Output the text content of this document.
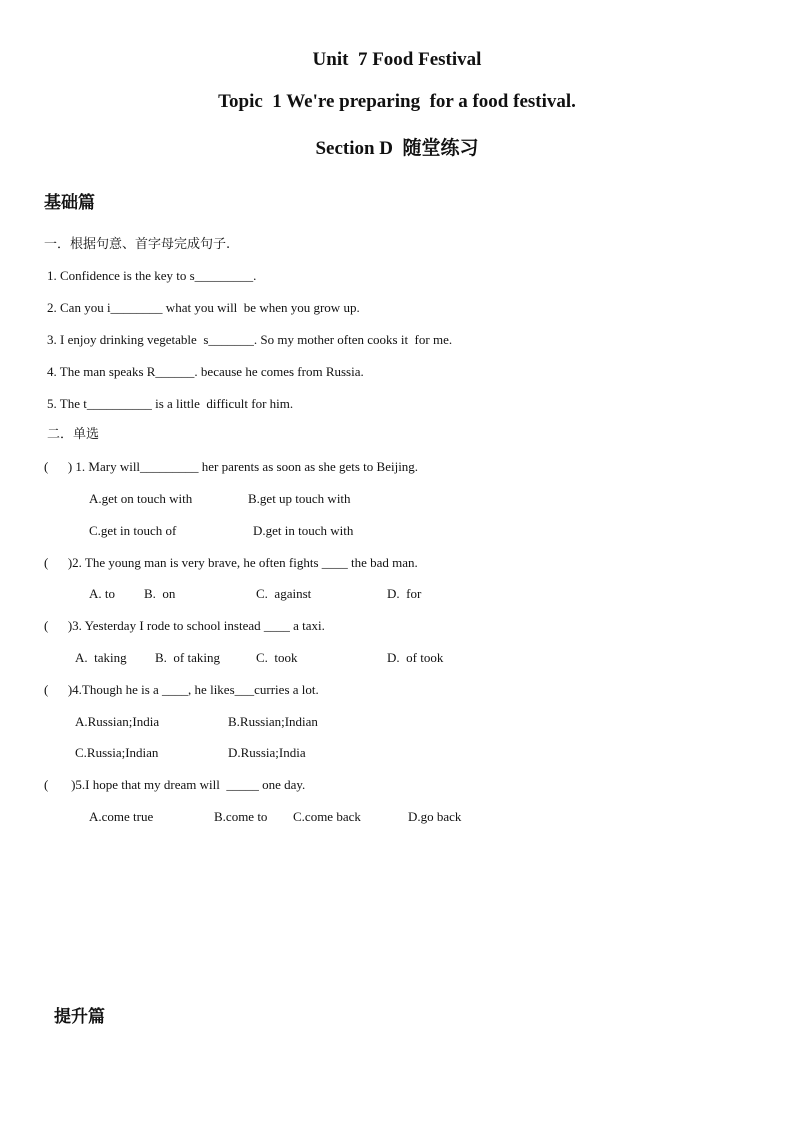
Unit  7 Food Festival
Topic  1 We're preparing  for a food festival.
Section D  随堂练习
基础篇
一．根据句意、首字母完成句子.
1. Confidence is the key to s_________.
2. Can you i________ what you will  be when you grow up.
3. I enjoy drinking vegetable  s_______. So my mother often cooks it  for me.
4. The man speaks R______. because he comes from Russia.
5. The t__________ is a little  difficult for him.
二．单选
(      ) 1. Mary will_________ her parents as soon as she gets to Beijing.
A.get on touch with	B.get up touch with
C.get in touch of	D.get in touch with
(      )2. The young man is very brave, he often fights ____ the bad man.
A. to B.  on	C.  against	D.  for
(      )3. Yesterday I rode to school instead ____ a taxi.
A.  taking B.  of taking	C.  took	D.  of took
(      )4.Though he is a ____, he likes___curries a lot.
A.Russian;India	B.Russian;Indian
C.Russia;Indian	D.Russia;India
(       )5.I hope that my dream will  _____ one day.
A.come true	B.come to C.come back	D.go back
提升篇
